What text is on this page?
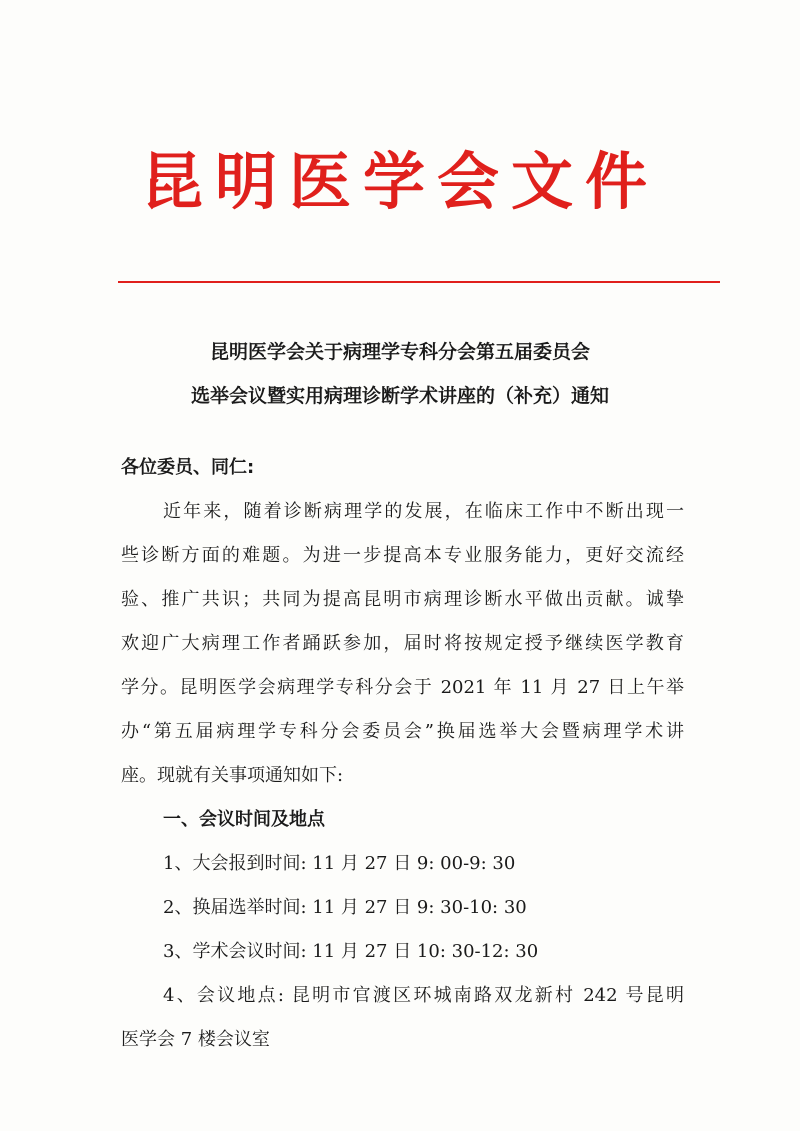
昆明医学会文件
昆明医学会关于病理学专科分会第五届委员会
选举会议暨实用病理诊断学术讲座的（补充）通知
各位委员、同仁:
近年来，随着诊断病理学的发展，在临床工作中不断出现一
些诊断方面的难题。为进一步提高本专业服务能力，更好交流经
验、推广共识；共同为提高昆明市病理诊断水平做出贡献。诚挚
欢迎广大病理工作者踊跃参加，届时将按规定授予继续医学教育
学分。昆明医学会病理学专科分会于 2021 年 11 月 27 日上午举
办“第五届病理学专科分会委员会”换届选举大会暨病理学术讲
座。现就有关事项通知如下:
一、会议时间及地点
1、大会报到时间: 11 月 27 日 9: 00-9: 30
2、换届选举时间: 11 月 27 日 9: 30-10: 30
3、学术会议时间: 11 月 27 日 10: 30-12: 30
4、会议地点: 昆明市官渡区环城南路双龙新村 242 号昆明
医学会 7 楼会议室
